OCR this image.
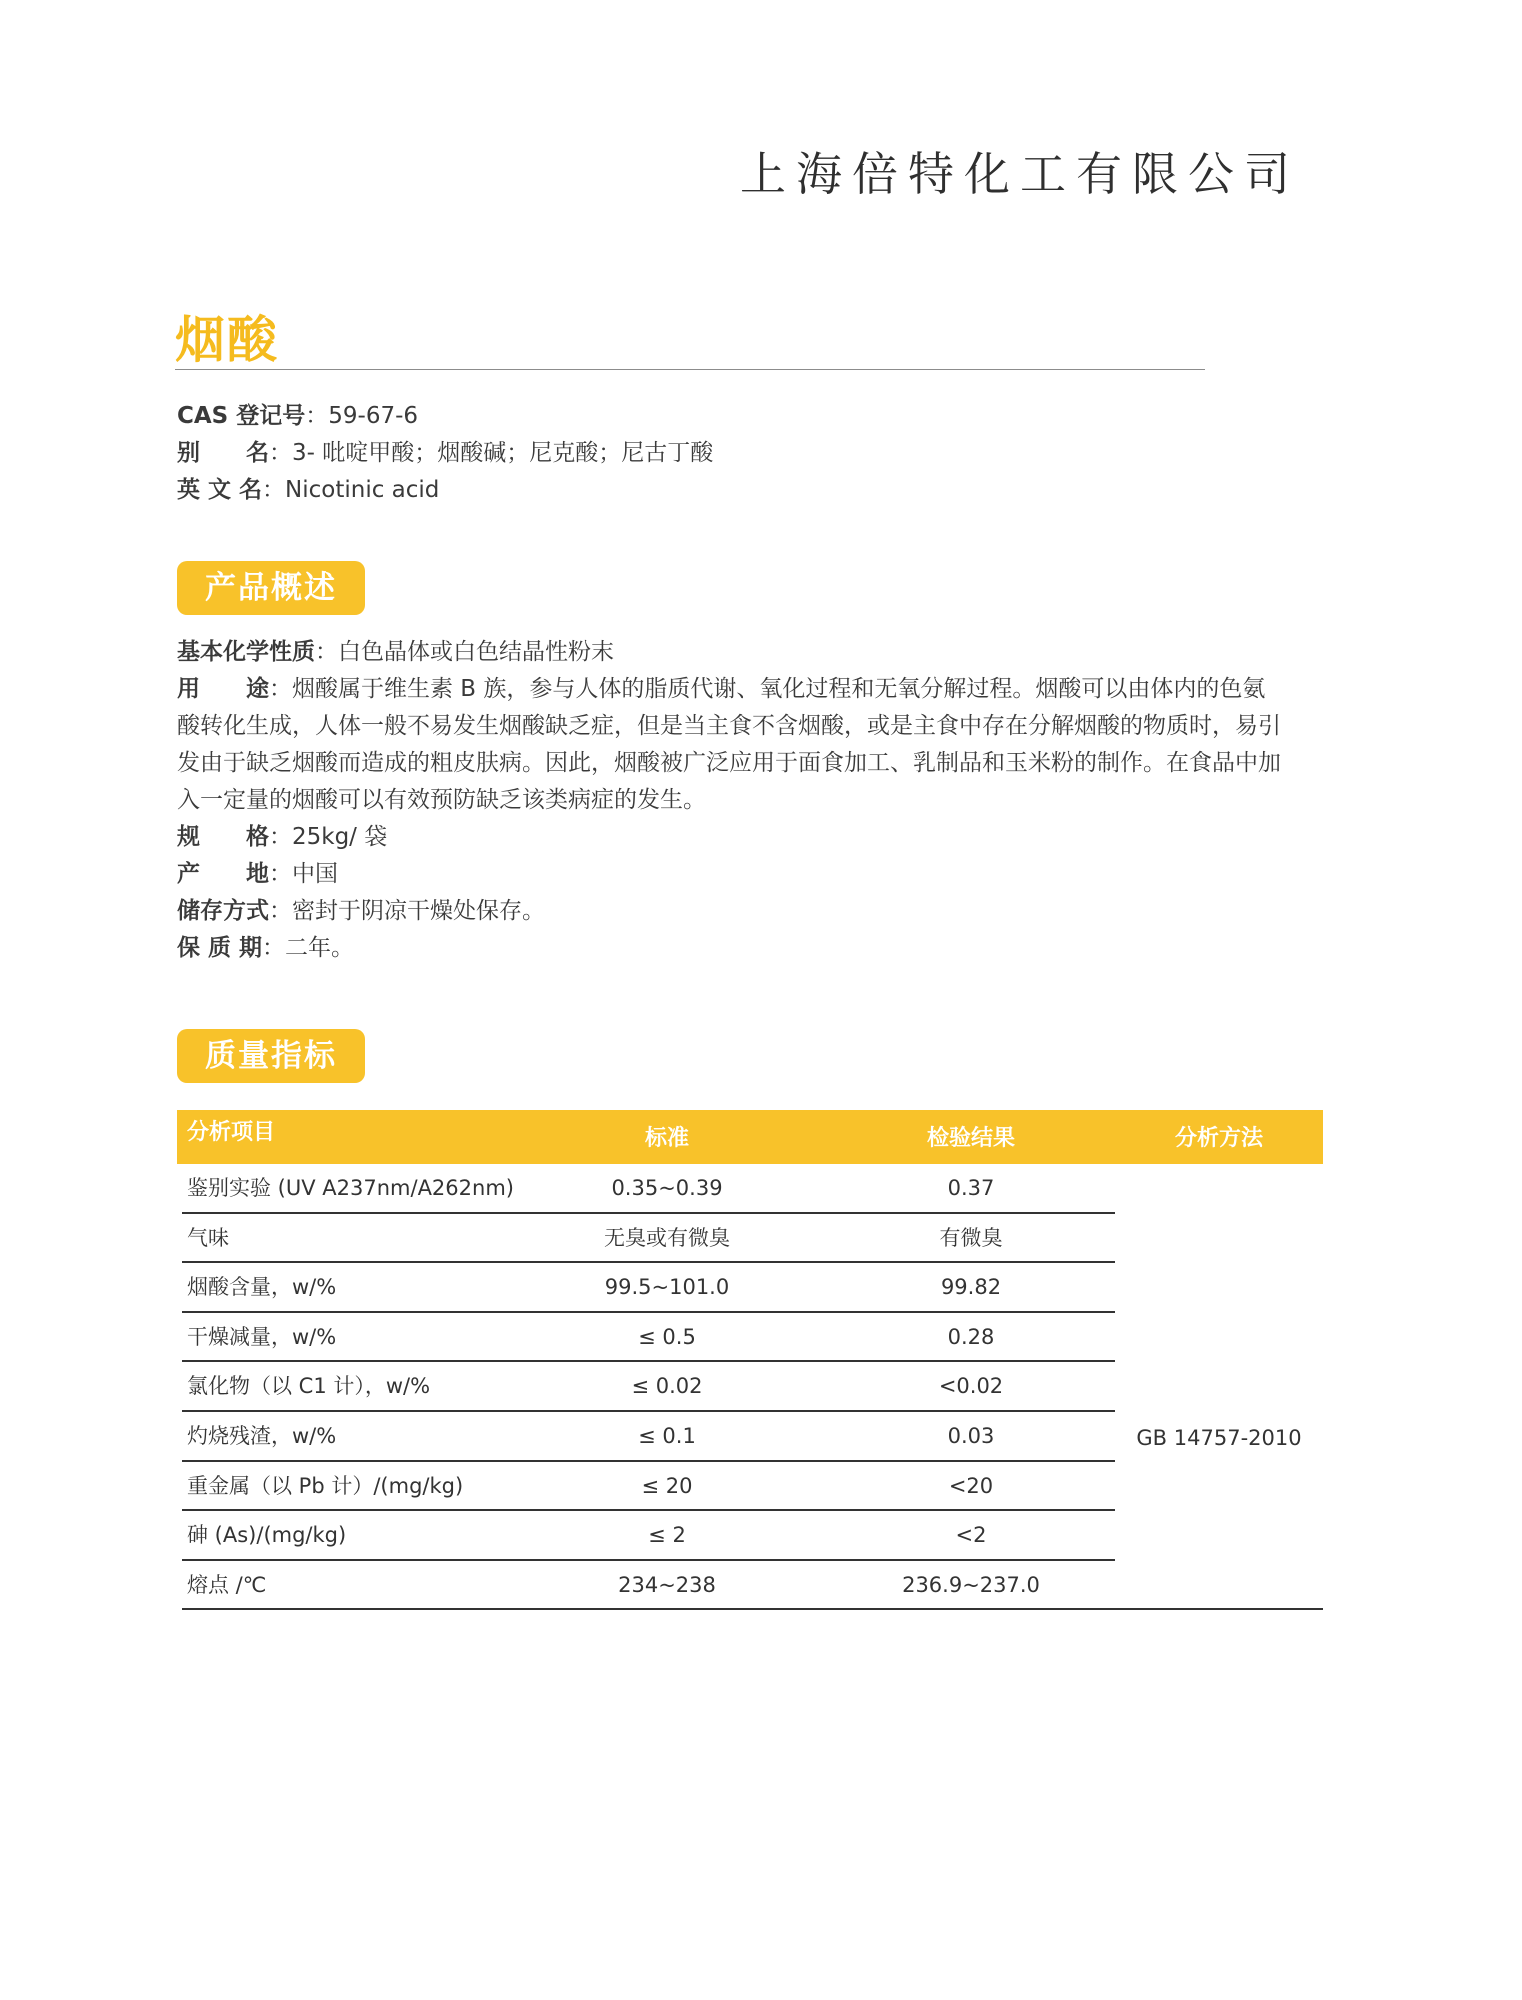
上海倍特化工有限公司
烟酸
CAS 登记号：59-67-6
别　　名：3- 吡啶甲酸；烟酸碱；尼克酸；尼古丁酸
英 文 名：Nicotinic acid
产品概述
基本化学性质：白色晶体或白色结晶性粉末
用　　途：烟酸属于维生素 B 族，参与人体的脂质代谢、氧化过程和无氧分解过程。烟酸可以由体内的色氨酸转化生成，人体一般不易发生烟酸缺乏症，但是当主食不含烟酸，或是主食中存在分解烟酸的物质时，易引发由于缺乏烟酸而造成的粗皮肤病。因此，烟酸被广泛应用于面食加工、乳制品和玉米粉的制作。在食品中加入一定量的烟酸可以有效预防缺乏该类病症的发生。
规　　格：25kg/ 袋
产　　地：中国
储存方式：密封于阴凉干燥处保存。
保 质 期：二年。
质量指标
分析项目	标准	检验结果	分析方法
鉴别实验 (UV A237nm/A262nm)	0.35~0.39	0.37
气味	无臭或有微臭	有微臭
烟酸含量，w/%	99.5~101.0	99.82
干燥减量，w/%	≤ 0.5	0.28
氯化物（以 C1 计），w/%	≤ 0.02	<0.02
灼烧残渣，w/%	≤ 0.1	0.03
重金属（以 Pb 计）/(mg/kg)	≤ 20	<20
砷 (As)/(mg/kg)	≤ 2	<2
熔点 /℃	234~238	236.9~237.0
GB 14757-2010
